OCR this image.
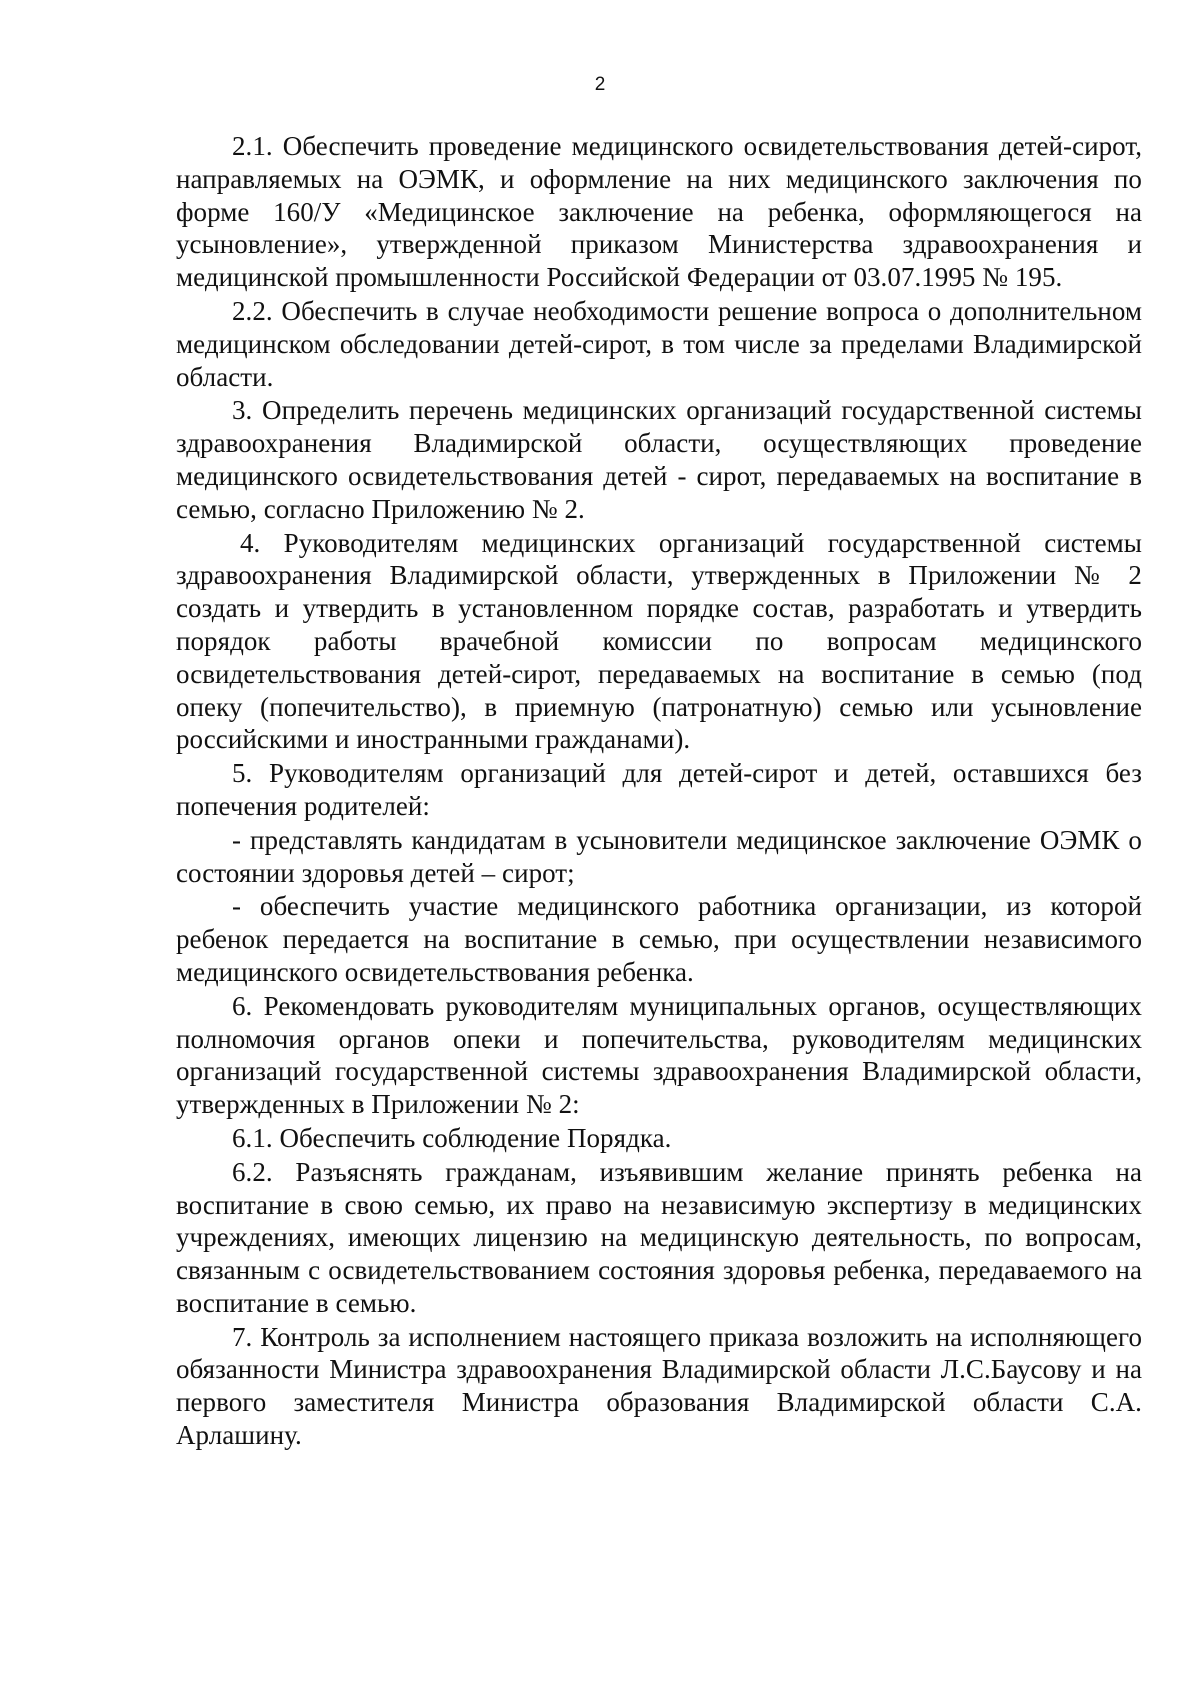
2

2.1. Обеспечить проведение медицинского освидетельствования детей-сирот, направляемых на ОЭМК, и оформление на них медицинского заключения по форме 160/У «Медицинское заключение на ребенка, оформляющегося на усыновление», утвержденной приказом Министерства здравоохранения и медицинской промышленности Российской Федерации от 03.07.1995 № 195.

2.2. Обеспечить в случае необходимости решение вопроса о дополнительном медицинском обследовании детей-сирот, в том числе за пределами Владимирской области.

3. Определить перечень медицинских организаций государственной системы здравоохранения Владимирской области, осуществляющих проведение медицинского освидетельствования детей - сирот, передаваемых на воспитание в семью, согласно Приложению № 2.

4. Руководителям медицинских организаций государственной системы здравоохранения Владимирской области, утвержденных в Приложении № 2 создать и утвердить в установленном порядке состав, разработать и утвердить порядок работы врачебной комиссии по вопросам медицинского освидетельствования детей-сирот, передаваемых на воспитание в семью (под опеку (попечительство), в приемную (патронатную) семью или усыновление российскими и иностранными гражданами).

5. Руководителям организаций для детей-сирот и детей, оставшихся без попечения родителей:

- представлять кандидатам в усыновители медицинское заключение ОЭМК о состоянии здоровья детей – сирот;

- обеспечить участие медицинского работника организации, из которой ребенок передается на воспитание в семью, при осуществлении независимого медицинского освидетельствования ребенка.

6. Рекомендовать руководителям муниципальных органов, осуществляющих полномочия органов опеки и попечительства, руководителям медицинских организаций государственной системы здравоохранения Владимирской области, утвержденных в Приложении № 2:

6.1. Обеспечить соблюдение Порядка.

6.2. Разъяснять гражданам, изъявившим желание принять ребенка на воспитание в свою семью, их право на независимую экспертизу в медицинских учреждениях, имеющих лицензию на медицинскую деятельность, по вопросам, связанным с освидетельствованием состояния здоровья ребенка, передаваемого на воспитание в семью.

7. Контроль за исполнением настоящего приказа возложить на исполняющего обязанности Министра здравоохранения Владимирской области Л.С.Баусову и на первого заместителя Министра образования Владимирской области С.А. Арлашину.
